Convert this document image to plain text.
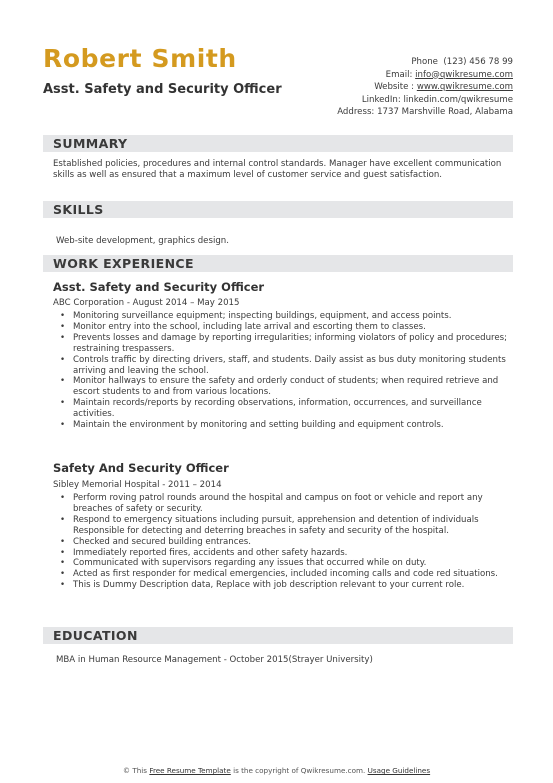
Robert Smith
Asst. Safety and Security Officer
Phone (123) 456 78 99
Email: info@qwikresume.com
Website : www.qwikresume.com
LinkedIn: linkedin.com/qwikresume
Address: 1737 Marshville Road, Alabama
SUMMARY
Established policies, procedures and internal control standards. Manager have excellent communication skills as well as ensured that a maximum level of customer service and guest satisfaction.
SKILLS
Web-site development, graphics design.
WORK EXPERIENCE
Asst. Safety and Security Officer
ABC Corporation - August 2014 – May 2015
• Monitoring surveillance equipment; inspecting buildings, equipment, and access points.
• Monitor entry into the school, including late arrival and escorting them to classes.
• Prevents losses and damage by reporting irregularities; informing violators of policy and procedures; restraining trespassers.
• Controls traffic by directing drivers, staff, and students. Daily assist as bus duty monitoring students arriving and leaving the school.
• Monitor hallways to ensure the safety and orderly conduct of students; when required retrieve and escort students to and from various locations.
• Maintain records/reports by recording observations, information, occurrences, and surveillance activities.
• Maintain the environment by monitoring and setting building and equipment controls.
Safety And Security Officer
Sibley Memorial Hospital - 2011 – 2014
• Perform roving patrol rounds around the hospital and campus on foot or vehicle and report any breaches of safety or security.
• Respond to emergency situations including pursuit, apprehension and detention of individuals Responsible for detecting and deterring breaches in safety and security of the hospital.
• Checked and secured building entrances.
• Immediately reported fires, accidents and other safety hazards.
• Communicated with supervisors regarding any issues that occurred while on duty.
• Acted as first responder for medical emergencies, included incoming calls and code red situations.
• This is Dummy Description data, Replace with job description relevant to your current role.
EDUCATION
MBA in Human Resource Management - October 2015(Strayer University)
© This Free Resume Template is the copyright of Qwikresume.com. Usage Guidelines
